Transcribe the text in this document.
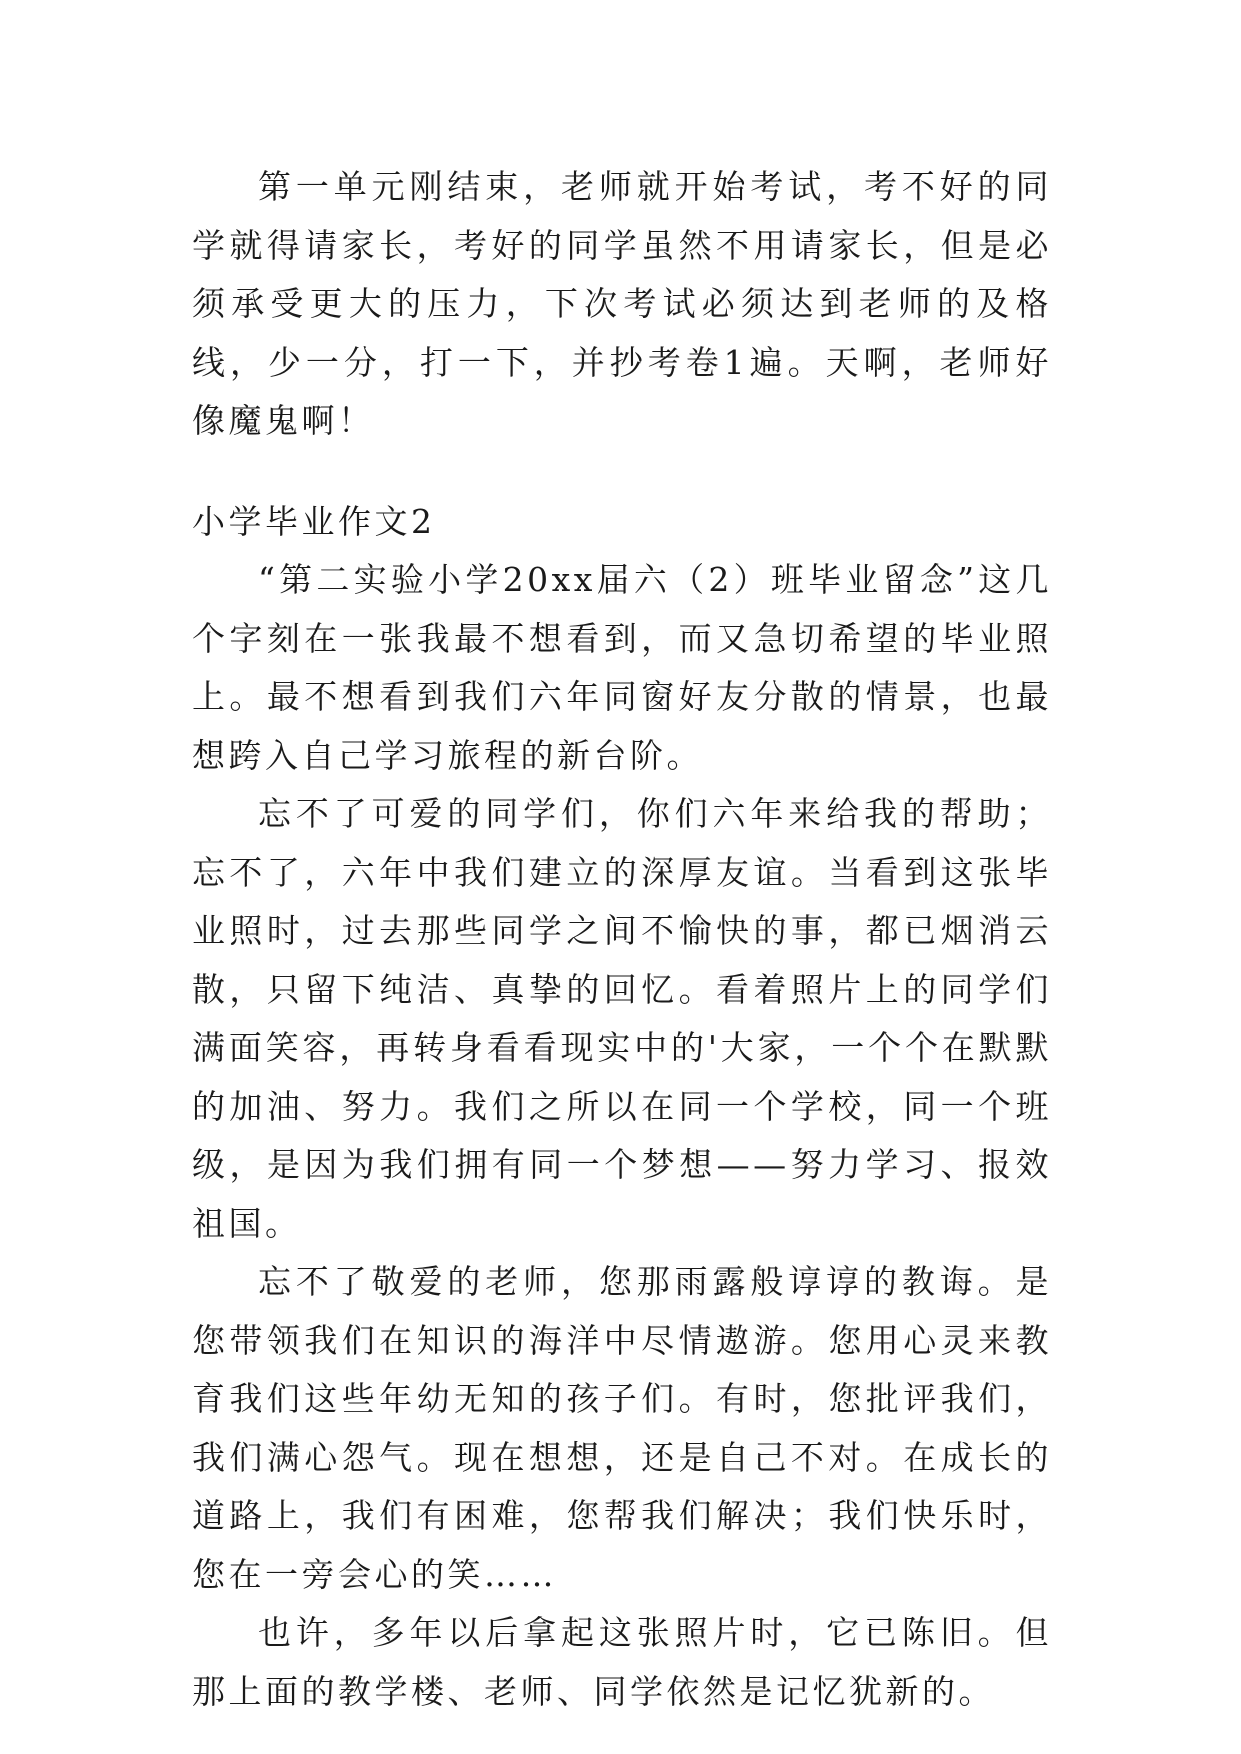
第一单元刚结束，老师就开始考试，考不好的同学就得请家长，考好的同学虽然不用请家长，但是必须承受更大的压力，下次考试必须达到老师的及格线，少一分，打一下，并抄考卷1遍。天啊，老师好像魔鬼啊！

小学毕业作文2

“第二实验小学20xx届六（2）班毕业留念”这几个字刻在一张我最不想看到，而又急切希望的毕业照上。最不想看到我们六年同窗好友分散的情景，也最想跨入自己学习旅程的新台阶。

忘不了可爱的同学们，你们六年来给我的帮助；忘不了，六年中我们建立的深厚友谊。当看到这张毕业照时，过去那些同学之间不愉快的事，都已烟消云散，只留下纯洁、真挚的回忆。看着照片上的同学们满面笑容，再转身看看现实中的'大家，一个个在默默的加油、努力。我们之所以在同一个学校，同一个班级，是因为我们拥有同一个梦想——努力学习、报效祖国。

忘不了敬爱的老师，您那雨露般谆谆的教诲。是您带领我们在知识的海洋中尽情遨游。您用心灵来教育我们这些年幼无知的孩子们。有时，您批评我们，我们满心怨气。现在想想，还是自己不对。在成长的道路上，我们有困难，您帮我们解决；我们快乐时，您在一旁会心的笑……

也许，多年以后拿起这张照片时，它已陈旧。但那上面的教学楼、老师、同学依然是记忆犹新的。
